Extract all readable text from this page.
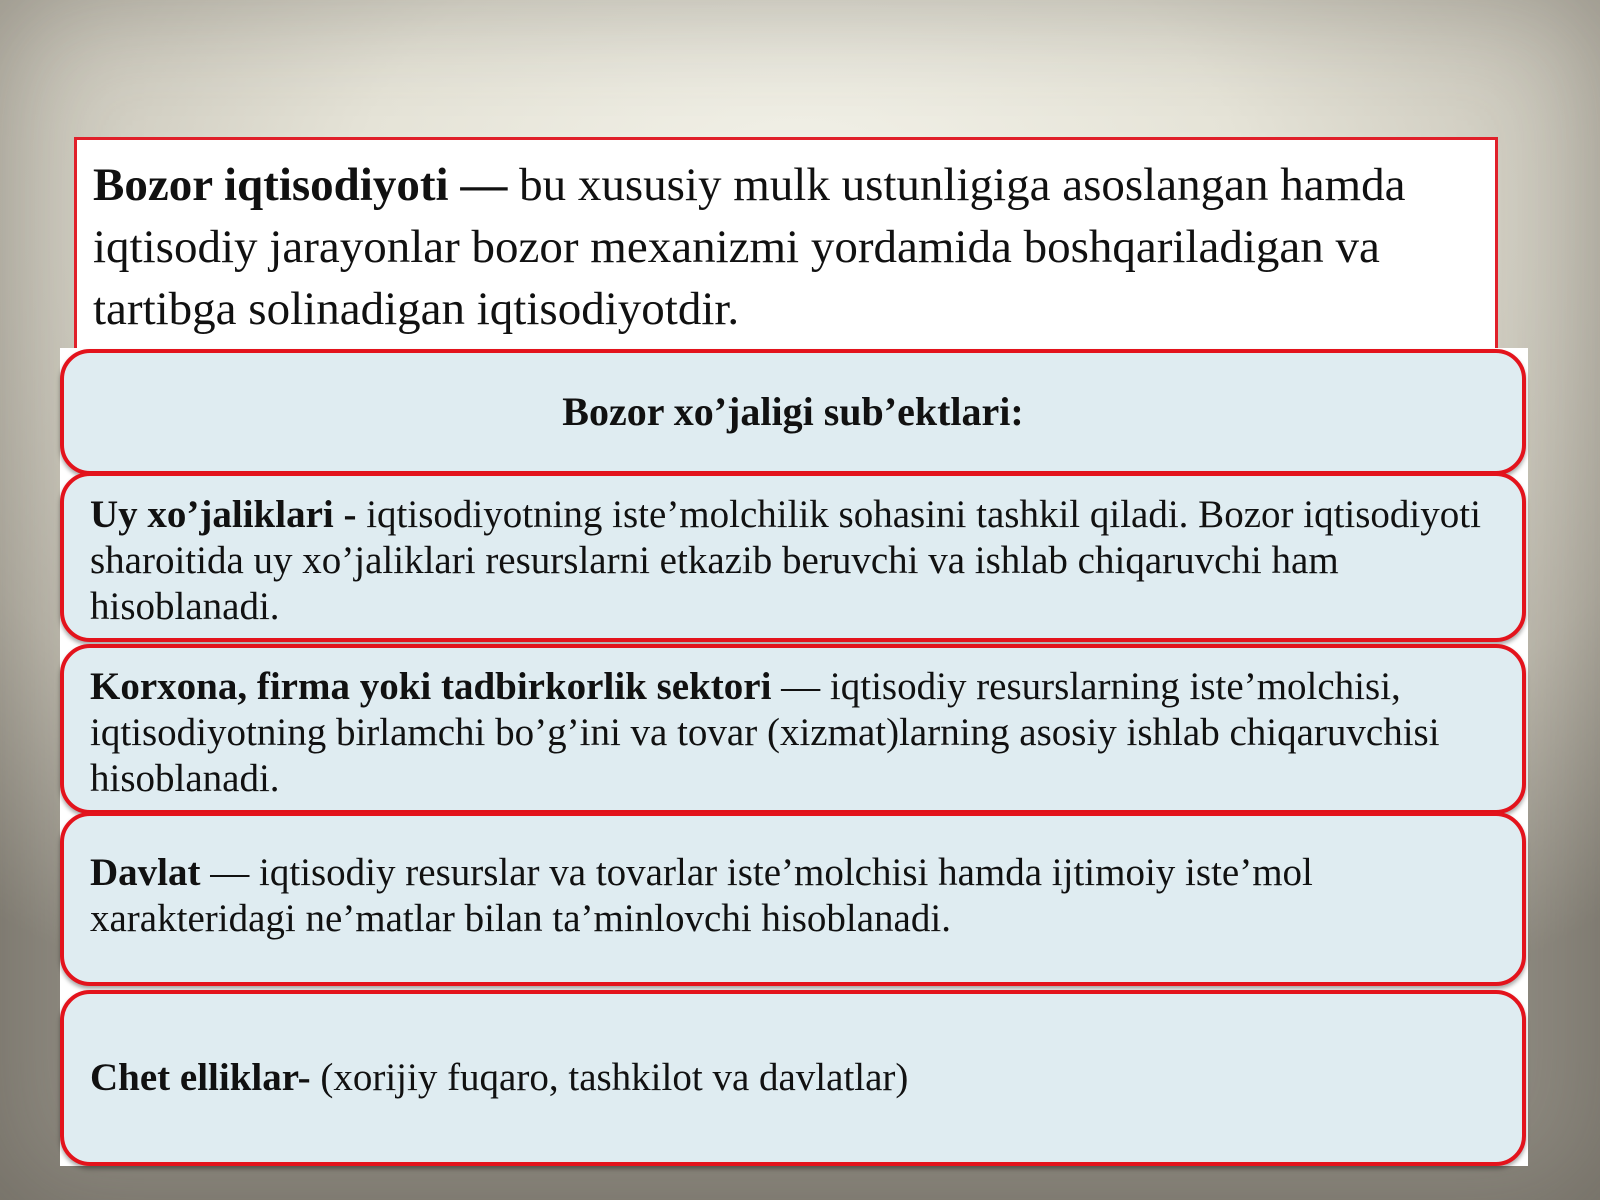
Bozor iqtisodiyoti — bu xususiy mulk ustunligiga asoslangan hamda iqtisodiy jarayonlar bozor mexanizmi yordamida boshqariladigan va tartibga solinadigan iqtisodiyotdir.
Bozor xo’jaligi sub’ektlari:
Uy xo’jaliklari - iqtisodiyotning iste’molchilik sohasini tashkil qiladi. Bozor iqtisodiyoti sharoitida uy xo’jaliklari resurslarni etkazib beruvchi va ishlab chiqaruvchi ham hisoblanadi.
Korxona, firma yoki tadbirkorlik sektori — iqtisodiy resurslarning iste’molchisi, iqtisodiyotning birlamchi bo’g’ini va tovar (xizmat)larning asosiy ishlab chiqaruvchisi hisoblanadi.
Davlat — iqtisodiy resurslar va tovarlar iste’molchisi hamda ijtimoiy iste’mol xarakteridagi ne’matlar bilan ta’minlovchi hisoblanadi.
Chet elliklar- (xorijiy fuqaro, tashkilot va davlatlar)
